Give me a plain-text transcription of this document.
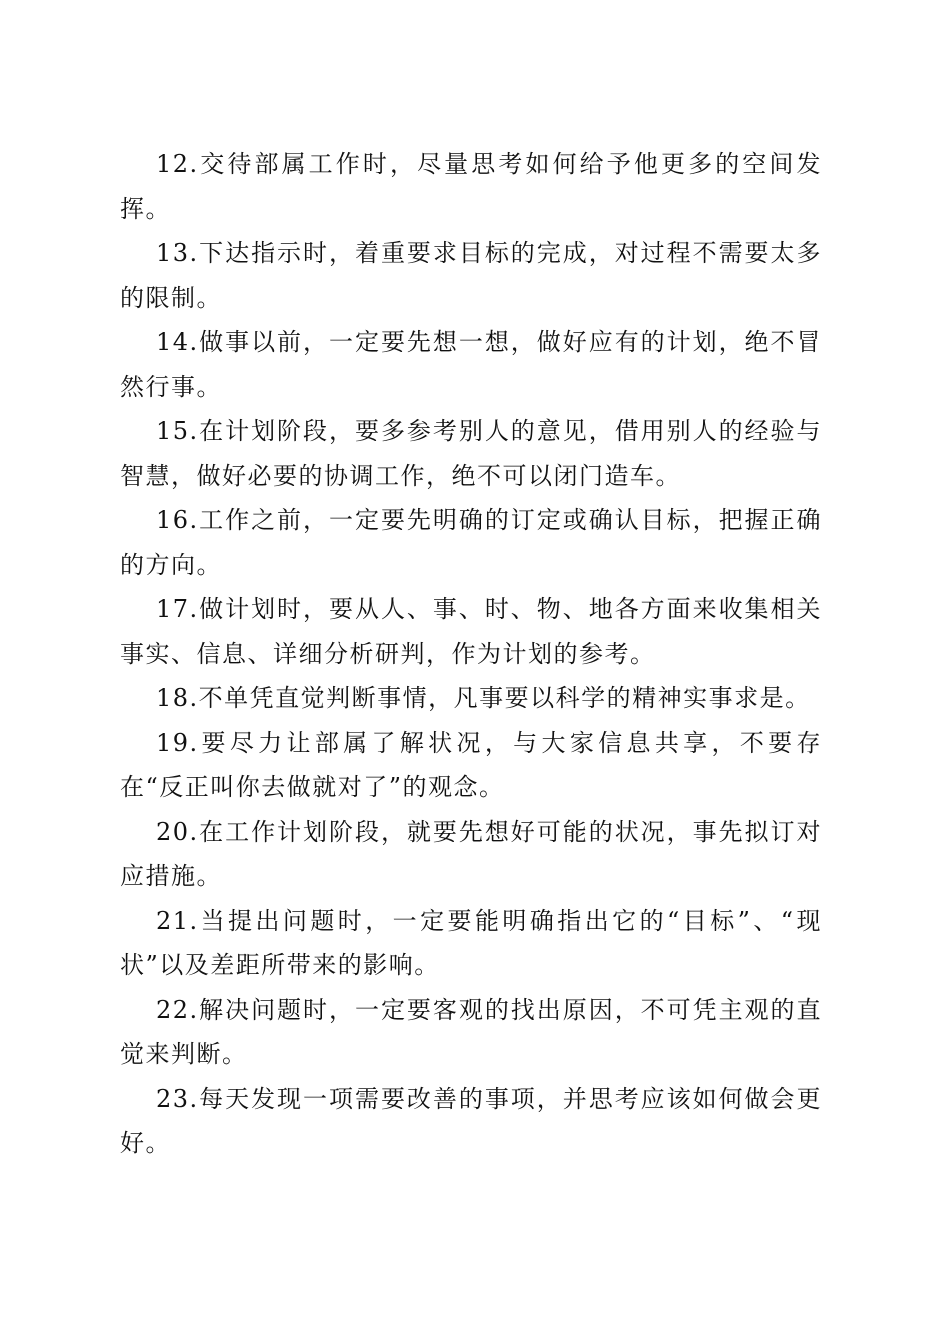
12.交待部属工作时，尽量思考如何给予他更多的空间发挥。

13.下达指示时，着重要求目标的完成，对过程不需要太多的限制。

14.做事以前，一定要先想一想，做好应有的计划，绝不冒然行事。

15.在计划阶段，要多参考别人的意见，借用别人的经验与智慧，做好必要的协调工作，绝不可以闭门造车。

16.工作之前，一定要先明确的订定或确认目标，把握正确的方向。

17.做计划时，要从人、事、时、物、地各方面来收集相关事实、信息、详细分析研判，作为计划的参考。

18.不单凭直觉判断事情，凡事要以科学的精神实事求是。

19.要尽力让部属了解状况，与大家信息共享，不要存在“反正叫你去做就对了”的观念。

20.在工作计划阶段，就要先想好可能的状况，事先拟订对应措施。

21.当提出问题时，一定要能明确指出它的“目标”、“现状”以及差距所带来的影响。

22.解决问题时，一定要客观的找出原因，不可凭主观的直觉来判断。

23.每天发现一项需要改善的事项，并思考应该如何做会更好。
